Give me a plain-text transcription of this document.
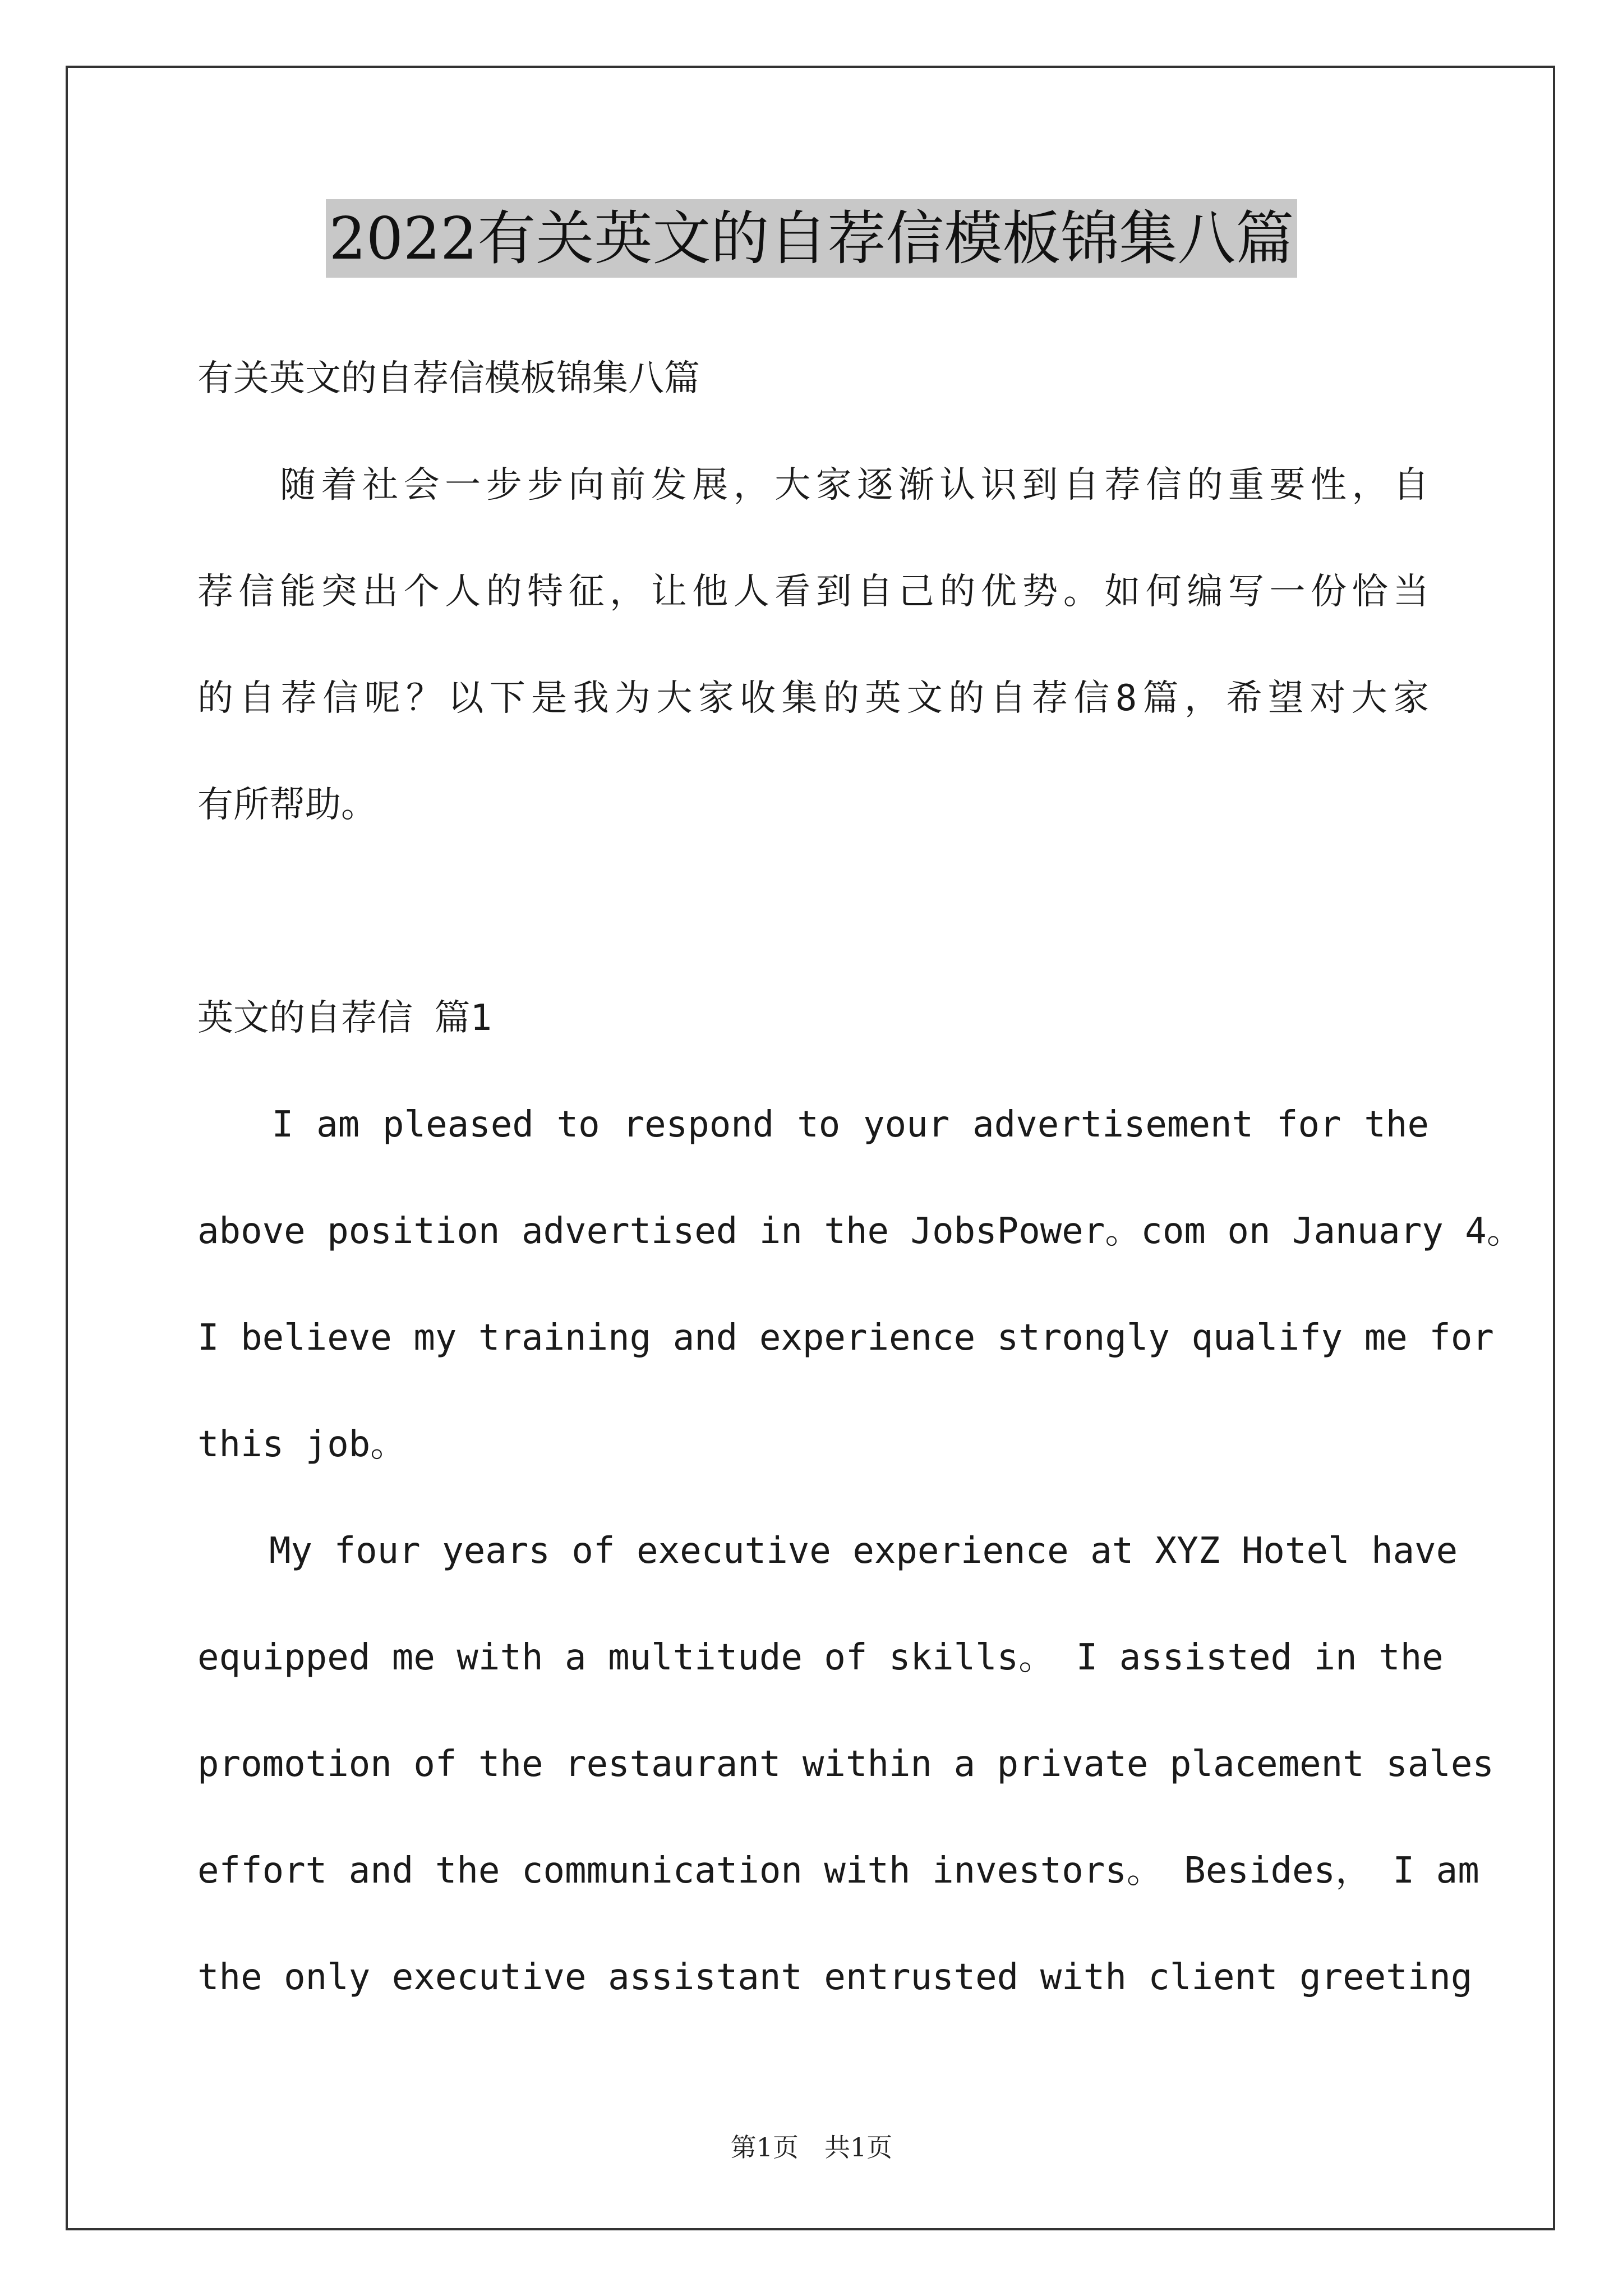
2022有关英文的自荐信模板锦集八篇

有关英文的自荐信模板锦集八篇

　　随着社会一步步向前发展，大家逐渐认识到自荐信的重要性，自

荐信能突出个人的特征，让他人看到自己的优势。如何编写一份恰当

的自荐信呢？以下是我为大家收集的英文的自荐信8篇，希望对大家

有所帮助。

英文的自荐信 篇1

　　I am pleased to respond to your advertisement for the

above position advertised in the JobsPower。com on January 4。

I believe my training and experience strongly qualify me for

this job。

　　My four years of executive experience at XYZ Hotel have

equipped me with a multitude of skills。 I assisted in the

promotion of the restaurant within a private placement sales

effort and the communication with investors。 Besides， I am

the only executive assistant entrusted with client greeting

第1页　共1页
